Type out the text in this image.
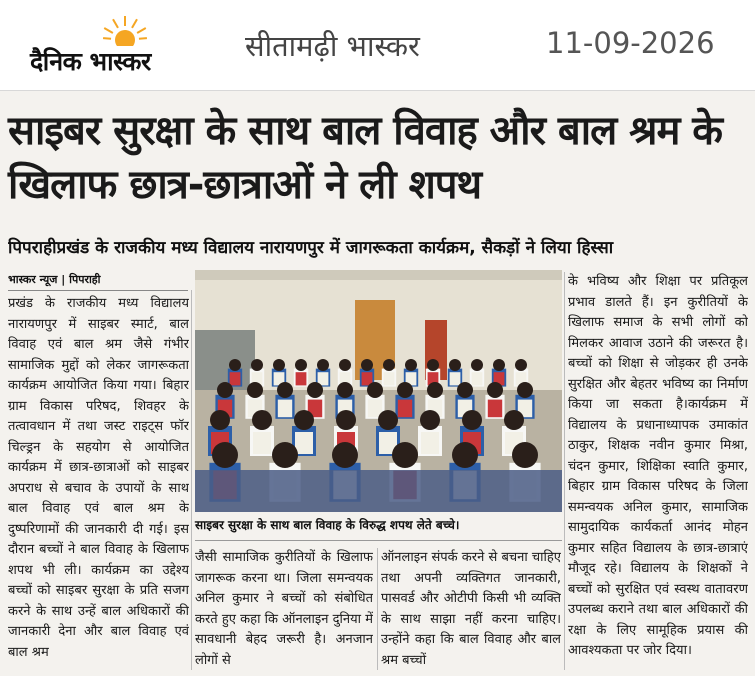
दैनिक भास्कर	सीतामढ़ी भास्कर	11-09-2026
साइबर सुरक्षा के साथ बाल विवाह और बाल श्रम के खिलाफ छात्र-छात्राओं ने ली शपथ
पिपराहीप्रखंड के राजकीय मध्य विद्यालय नारायणपुर में जागरूकता कार्यक्रम, सैकड़ों ने लिया हिस्सा
भास्कर न्यूज | पिपराही
प्रखंड के राजकीय मध्य विद्यालय नारायणपुर में साइबर स्मार्ट, बाल विवाह एवं बाल श्रम जैसे गंभीर सामाजिक मुद्दों को लेकर जागरूकता कार्यक्रम आयोजित किया गया। बिहार ग्राम विकास परिषद, शिवहर के तत्वावधान में तथा जस्ट राइट्स फॉर चिल्ड्रन के सहयोग से आयोजित कार्यक्रम में छात्र-छात्राओं को साइबर अपराध से बचाव के उपायों के साथ बाल विवाह एवं बाल श्रम के दुष्परिणामों की जानकारी दी गई। इस दौरान बच्चों ने बाल विवाह के खिलाफ शपथ भी ली। कार्यक्रम का उद्देश्य बच्चों को साइबर सुरक्षा के प्रति सजग करने के साथ उन्हें बाल अधिकारों की जानकारी देना और बाल विवाह एवं बाल श्रम
साइबर सुरक्षा के साथ बाल विवाह के विरुद्ध शपथ लेते बच्चे।
जैसी सामाजिक कुरीतियों के खिलाफ जागरूक करना था। जिला समन्वयक अनिल कुमार ने बच्चों को संबोधित करते हुए कहा कि ऑनलाइन दुनिया में सावधानी बेहद जरूरी है। अनजान लोगों से
ऑनलाइन संपर्क करने से बचना चाहिए तथा अपनी व्यक्तिगत जानकारी, पासवर्ड और ओटीपी किसी भी व्यक्ति के साथ साझा नहीं करना चाहिए। उन्होंने कहा कि बाल विवाह और बाल श्रम बच्चों
के भविष्य और शिक्षा पर प्रतिकूल प्रभाव डालते हैं। इन कुरीतियों के खिलाफ समाज के सभी लोगों को मिलकर आवाज उठाने की जरूरत है। बच्चों को शिक्षा से जोड़कर ही उनके सुरक्षित और बेहतर भविष्य का निर्माण किया जा सकता है।कार्यक्रम में विद्यालय के प्रधानाध्यापक उमाकांत ठाकुर, शिक्षक नवीन कुमार मिश्रा, चंदन कुमार, शिक्षिका स्वाति कुमार, बिहार ग्राम विकास परिषद के जिला समन्वयक अनिल कुमार, सामाजिक सामुदायिक कार्यकर्ता आनंद मोहन कुमार सहित विद्यालय के छात्र-छात्राएं मौजूद रहे। विद्यालय के शिक्षकों ने बच्चों को सुरक्षित एवं स्वस्थ वातावरण उपलब्ध कराने तथा बाल अधिकारों की रक्षा के लिए सामूहिक प्रयास की आवश्यकता पर जोर दिया।
